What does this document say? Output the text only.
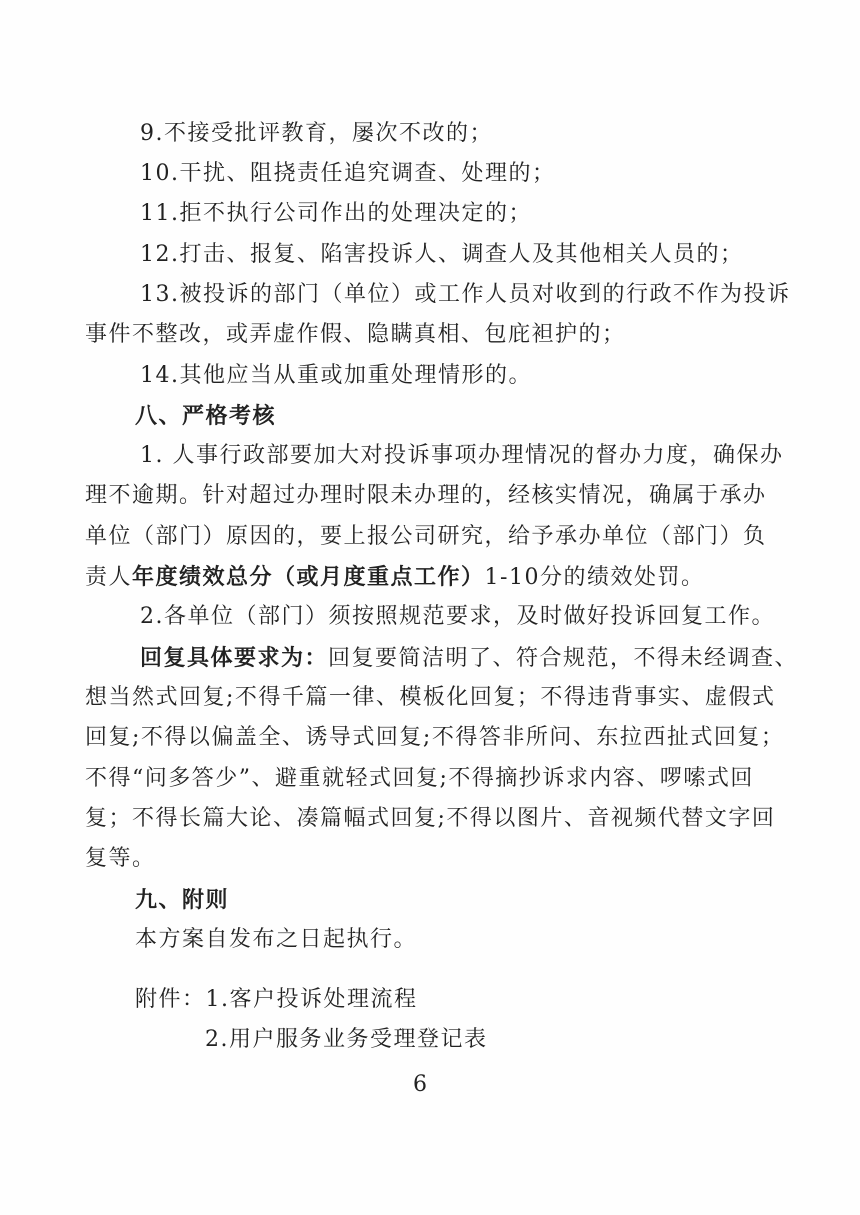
9.不接受批评教育，屡次不改的；
10.干扰、阻挠责任追究调查、处理的；
11.拒不执行公司作出的处理决定的；
12.打击、报复、陷害投诉人、调查人及其他相关人员的；
13.被投诉的部门（单位）或工作人员对收到的行政不作为投诉
事件不整改，或弄虚作假、隐瞒真相、包庇袒护的；
14.其他应当从重或加重处理情形的。
八、严格考核
1. 人事行政部要加大对投诉事项办理情况的督办力度，确保办
理不逾期。针对超过办理时限未办理的，经核实情况，确属于承办
单位（部门）原因的，要上报公司研究，给予承办单位（部门）负
责人年度绩效总分（或月度重点工作）1-10分的绩效处罚。
2.各单位（部门）须按照规范要求，及时做好投诉回复工作。
回复具体要求为：回复要简洁明了、符合规范，不得未经调查、
想当然式回复;不得千篇一律、模板化回复；不得违背事实、虚假式
回复;不得以偏盖全、诱导式回复;不得答非所问、东拉西扯式回复；
不得“问多答少”、避重就轻式回复;不得摘抄诉求内容、啰嗦式回
复；不得长篇大论、凑篇幅式回复;不得以图片、音视频代替文字回
复等。
九、附则
本方案自发布之日起执行。
附件：1.客户投诉处理流程
2.用户服务业务受理登记表
6
